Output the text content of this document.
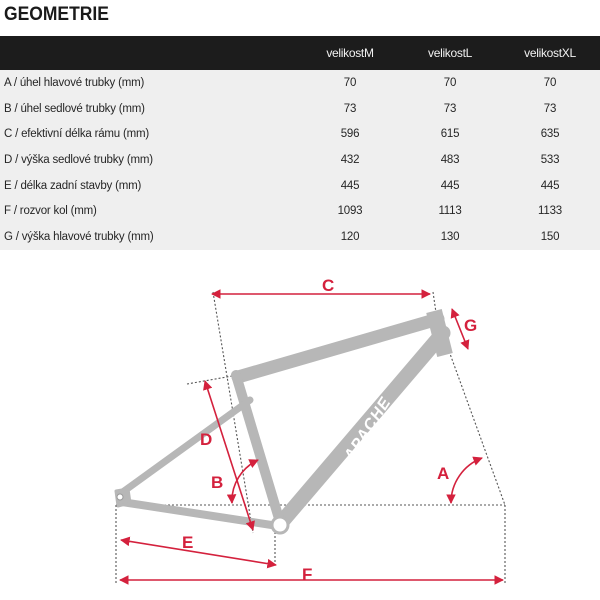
GEOMETRIE
	velikostM	velikostL	velikostXL
A / úhel hlavové trubky (mm)	70	70	70
B / úhel sedlové trubky (mm)	73	73	73
C / efektivní délka rámu (mm)	596	615	635
D / výška sedlové trubky (mm)	432	483	533
E / délka zadní stavby (mm)	445	445	445
F / rozvor kol (mm)	1093	1113	1133
G / výška hlavové trubky (mm)	120	130	150
APACHE
C
G
D
B	A
E
F
